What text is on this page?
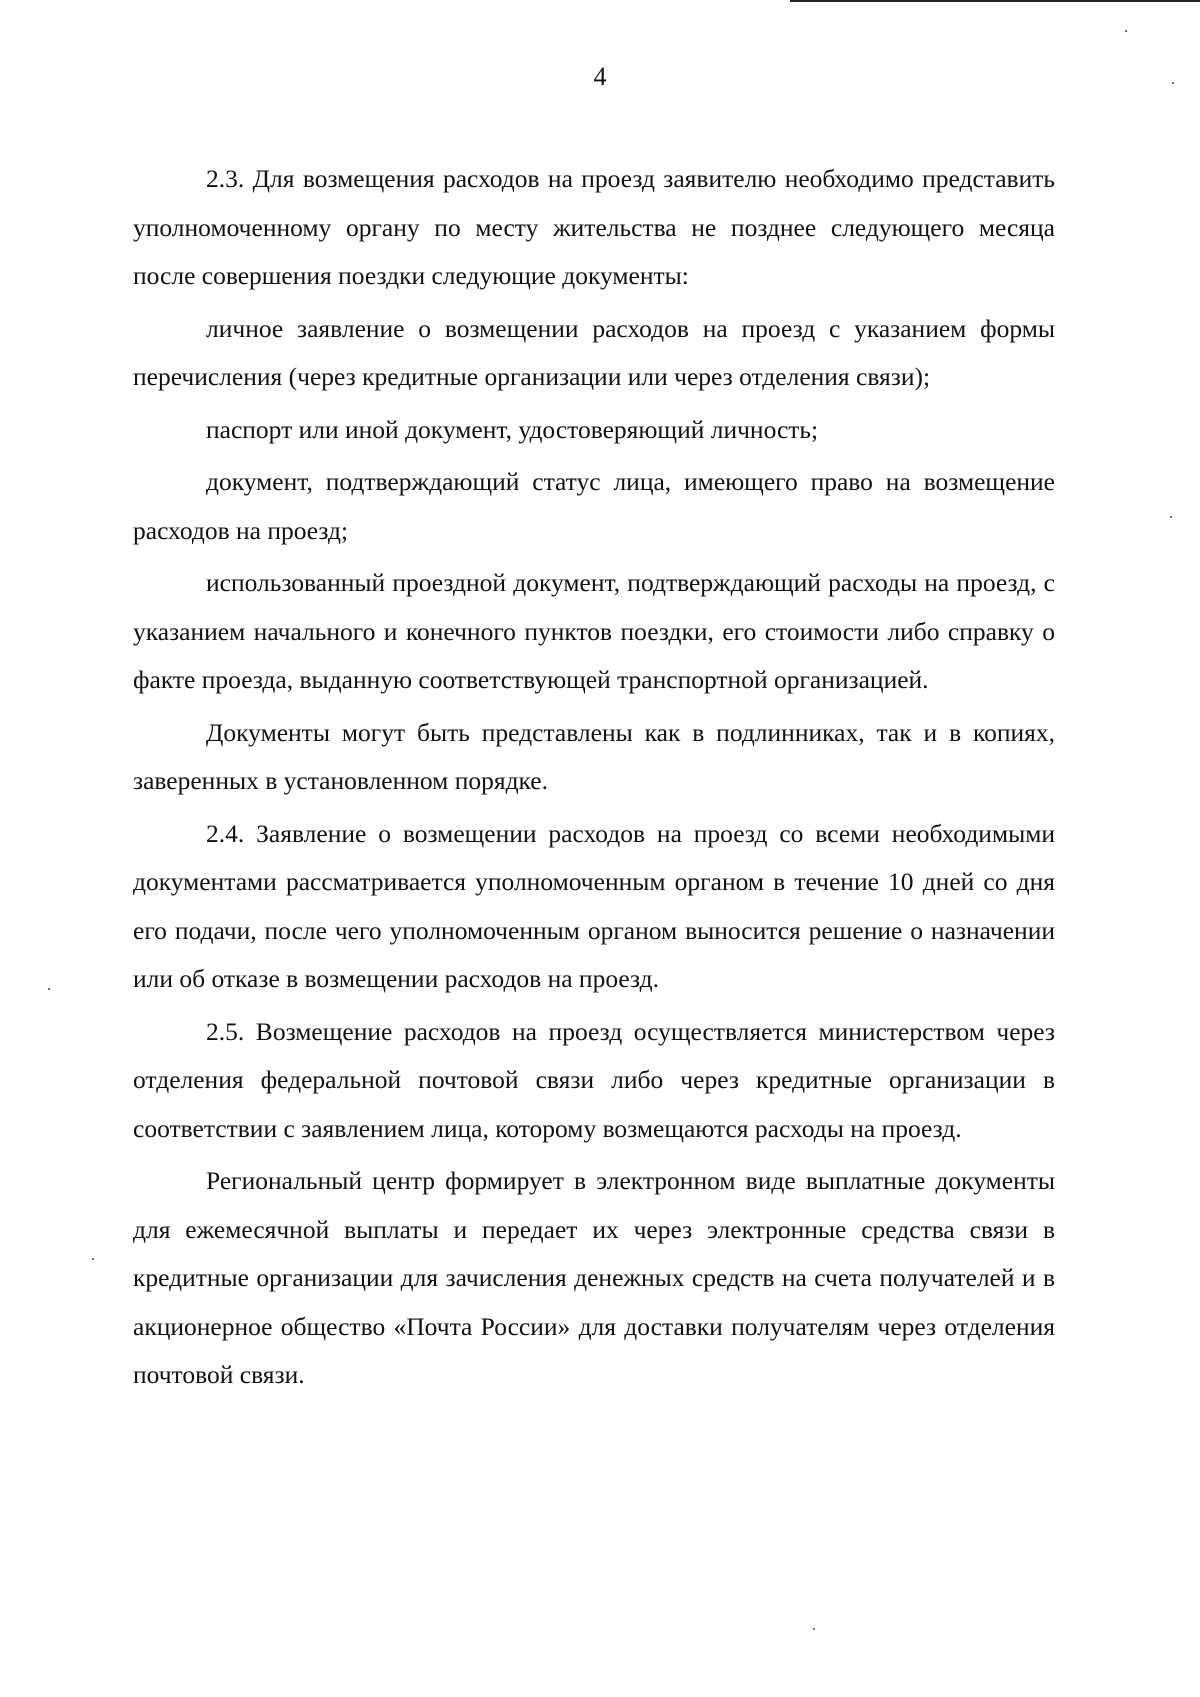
4

2.3. Для возмещения расходов на проезд заявителю необходимо представить уполномоченному органу по месту жительства не позднее следующего месяца после совершения поездки следующие документы:

личное заявление о возмещении расходов на проезд с указанием формы перечисления (через кредитные организации или через отделения связи);

паспорт или иной документ, удостоверяющий личность;

документ, подтверждающий статус лица, имеющего право на возмещение расходов на проезд;

использованный проездной документ, подтверждающий расходы на проезд, с указанием начального и конечного пунктов поездки, его стоимости либо справку о факте проезда, выданную соответствующей транспортной организацией.

Документы могут быть представлены как в подлинниках, так и в копиях, заверенных в установленном порядке.

2.4. Заявление о возмещении расходов на проезд со всеми необходимыми документами рассматривается уполномоченным органом в течение 10 дней со дня его подачи, после чего уполномоченным органом выносится решение о назначении или об отказе в возмещении расходов на проезд.

2.5. Возмещение расходов на проезд осуществляется министерством через отделения федеральной почтовой связи либо через кредитные организации в соответствии с заявлением лица, которому возмещаются расходы на проезд.

Региональный центр формирует в электронном виде выплатные документы для ежемесячной выплаты и передает их через электронные средства связи в кредитные организации для зачисления денежных средств на счета получателей и в акционерное общество «Почта России» для доставки получателям через отделения почтовой связи.
